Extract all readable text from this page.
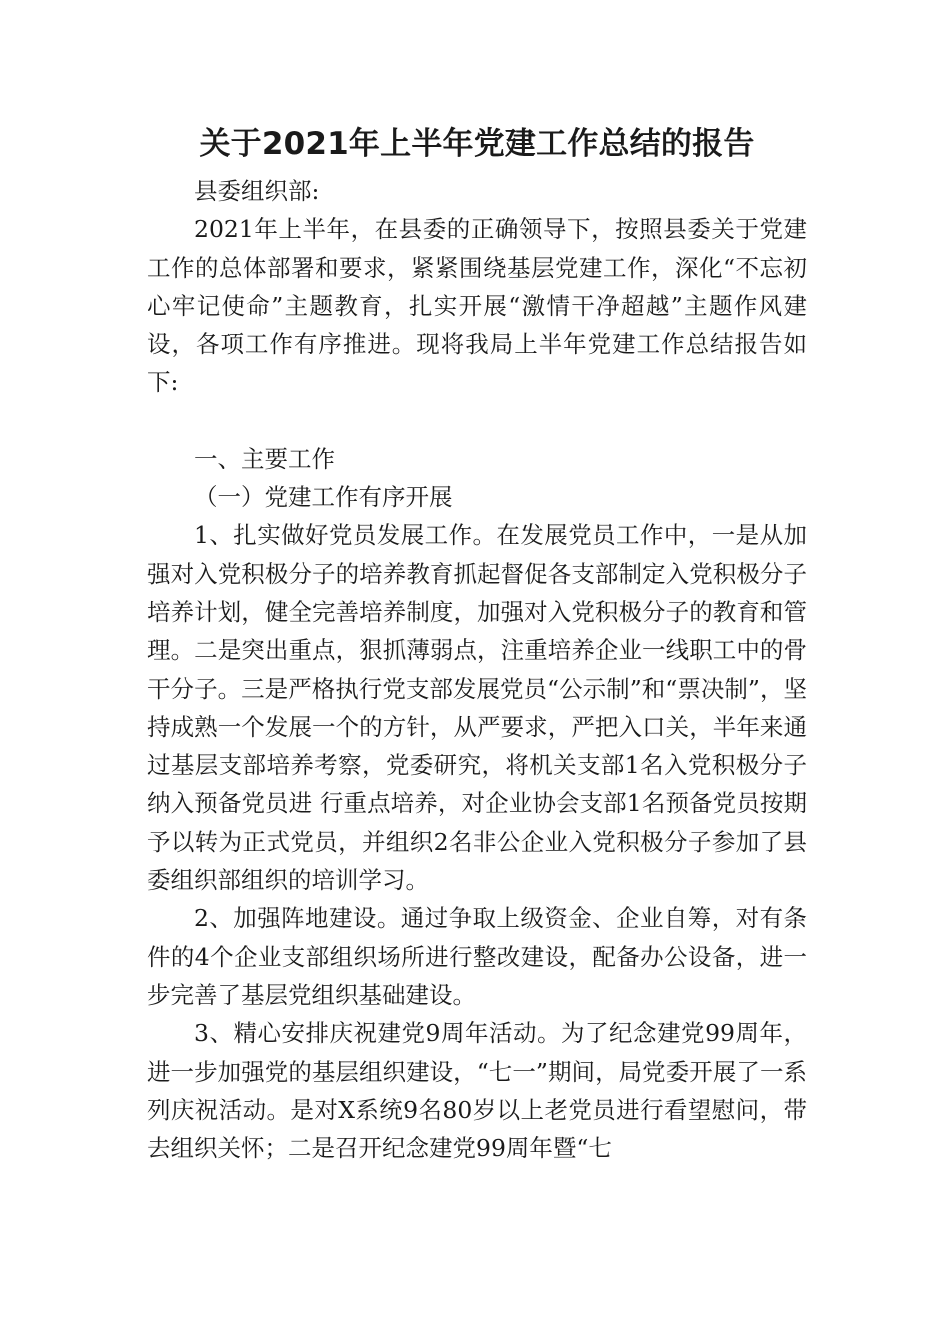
关于2021年上半年党建工作总结的报告

县委组织部:

2021年上半年，在县委的正确领导下，按照县委关于党建工作的总体部署和要求，紧紧围绕基层党建工作，深化“不忘初心牢记使命”主题教育，扎实开展“激情干净超越”主题作风建设，各项工作有序推进。现将我局上半年党建工作总结报告如下:

一、主要工作

（一）党建工作有序开展

1、扎实做好党员发展工作。在发展党员工作中，一是从加强对入党积极分子的培养教育抓起督促各支部制定入党积极分子培养计划，健全完善培养制度，加强对入党积极分子的教育和管理。二是突出重点，狠抓薄弱点，注重培养企业一线职工中的骨干分子。三是严格执行党支部发展党员“公示制”和“票决制”，坚持成熟一个发展一个的方针，从严要求，严把入口关，半年来通过基层支部培养考察，党委研究，将机关支部1名入党积极分子纳入预备党员进 行重点培养，对企业协会支部1名预备党员按期予以转为正式党员，并组织2名非公企业入党积极分子参加了县委组织部组织的培训学习。

2、加强阵地建设。通过争取上级资金、企业自筹，对有条件的4个企业支部组织场所进行整改建设，配备办公设备，进一步完善了基层党组织基础建设。

3、精心安排庆祝建党9周年活动。为了纪念建党99周年，进一步加强党的基层组织建设，“七一”期间，局党委开展了一系列庆祝活动。是对X系统9名80岁以上老党员进行看望慰问，带去组织关怀；二是召开纪念建党99周年暨“七
